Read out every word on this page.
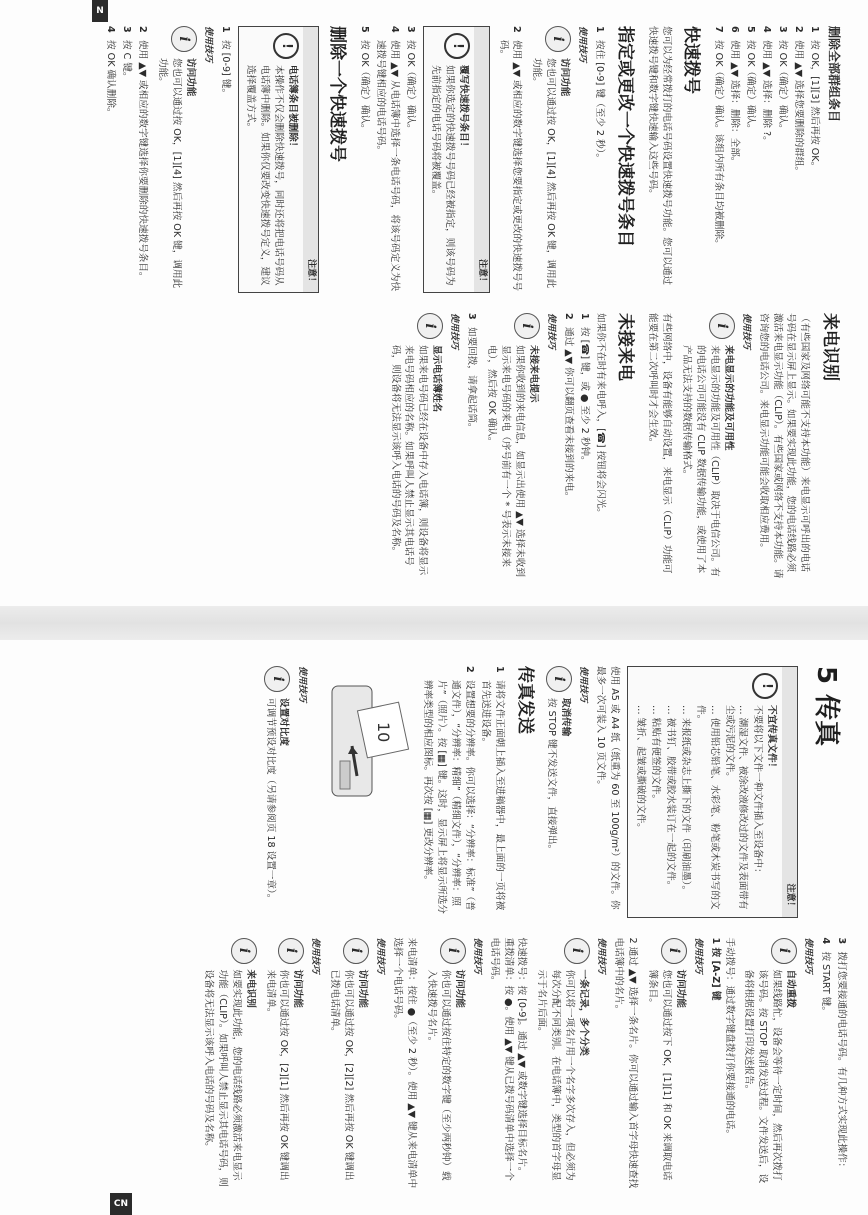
删除全部群组条目
1
按 OK，[1][3] 然后再按 OK。
2
使用 ▲▼ 选择您要删除的群组。
3
按 OK（确定）确认。
4
使用 ▲▼ 选择：删除 ?。
5
按 OK（确定）确认。
6
使用 ▲▼ 选择：删除：全部。
7
按 OK（确定）确认。该组内所有条目均被删除。
快速拨号
您可以为经常拨打的电话号码设置快速拨号功能。您可以通过快速拨号键和数字键快速输入这些号码。
指定或更改一个快速拨号条目
1
按住 [0-9] 键（至少 2 秒）。
使用技巧
i
访问功能
您也可以通过按 OK，[1][4] 然后再按 OK 键，调用此功能。
2
使用 ▲▼ 或相应的数字键选择您要指定或更改的快速拨号号码。
注意！
!
覆写快速拨号条目！
如果你选定的快速拨号号码已经被指定，则该号码为先前指定的电话号码将被覆盖。
3
按 OK（确定）确认。
4
使用 ▲▼ 从电话簿中选择一条电话号码，将该号码定义为快速拨号键相应的电话号码。
5
按 OK（确定）确认。
删除一个快速拨号
注意！
!
电话簿条目被删除！
本操作不仅会删除快速拨号，同时还将把电话号码从电话簿中删除。如果你仅要改变快速拨号定义，建议选择覆盖方式。
1
按 [0-9] 键。
使用技巧
i
访问功能
您也可以通过按 OK，[1][4] 然后再按 OK 键，调用此功能。
2
使用 ▲▼ 或相应的数字键选择你要删除的快速拨号条目。
3
按 C 键。
4
按 OK 确认删除。
来电识别
（有些国家及网络可能不支持本功能）来电显示可呼出的电话号码在显示屏上显示。如果要实现此功能，您的电话线路必须激活来电显示功能（CLIP）。有些国家或网络不支持本功能。请咨询您的电话公司。来电显示功能可能会收取相应费用。
使用技巧
i
来电显示的功能及可用性
来电显示的功能及可用性（CLIP）取决于电信公司。有的电话公司可能没有 CLIP 数据传输功能，或使用了本产品无法支持的数据传输格式。
有些网络中，设备有能够自动设置，来电显示（CLIP）功能可能要在第二次呼叫时才会生效。
未接来电
如果你不在时有来电呼入，[☎] 按钮将会闪光。
1
按 [☎] 键，或 ● 至少 2 秒钟。
2
通过 ▲▼ 你可以翻页查看未接到的来电。
使用技巧
i
未接来电提示
如果你收到的来电信息，如显示出使用 ▲▼ 选择未收到显示来电号码的来电（序号前有一个 * 号表示未接来电），然后按 OK 确认。
3
如要回拨，请拿起话筒。
使用技巧
i
显示电话簿姓名
如果来电号码已经在设备中存入电话簿，则设备将显示来电号码相应的名称。如果呼叫人禁止显示其电话号码，则设备将无法显示该呼入电话的号码及名称。
N
5传真
注意！
!
不宜传真文件！
不要将以下文件一种文件插入至设备中：

… 潮湿文件、被涂改液修改过的文件及表面带有尘或污泥的文件。

… 使用铅芯铅笔、水彩笔、粉笔或木炭书写的文件。

… 来报纸或杂志上撕下的文件（印刷油墨）。

… 被书钉、胶带或胶水装订在一起的文件。

… 粘贴有便签的文件。

… 皱折、起皱或撕破的文件。

使用 A5 或 A4 纸（纸重为 60 至 100g/m²）的文件。你最多一次可装入 10 页文件。
使用技巧
i
取消传输
按 STOP 键不发送文件，直接弹出。
传真发送
1
请将文件正面朝上插入至进稿器中，最上面的一页将被首先送进设备。
2
设置想要的分辨率。你可以选择：“分辨率：标准”（普通文件），“分辨率：精细”（精细文件），“分辨率：照片”（照片）。按 [▦] 键。这时，显示屏上将显示所选分辨率类型的相应图标。再次按 [▦] 更改分辨率。
10
使用技巧
i
设置对比度
可调节预设对比度（另请参阅页 18 设置一章）。
3
拨打您要接通的电话号码。有几种方式实现此操作：
4
按 START 键。
使用技巧
i
自动重拨
如果线路忙，设备会等待一定时间，然后再次拨打该号码。按 STOP 取消发送过程。文件发送后，设备将根据设置打印发送报告。
手动拨号：通过数字键盘拨打你要接通的电话。
1 按 [A-Z] 键
使用技巧
i
访问功能
您也可以通过按下 OK，[1][1] 和 OK 来调取电话簿条目。
2 通过 ▲▼ 选择一条名片。你可以通过输入首字母快速查找电话簿中的名片。
使用技巧
i
一条记录，多个分类
你可以将一项名片用一个名字多次存入，但必须为每次分配不同类别。在电话簿中，类型的首字母显示于名片后面。
快速拨号：按 [0-9]。通过 ▲▼ 或数字键选择目标名片。
重拨清单：按 ●。使用 ▲▼ 键从已拨号码清单中选择一个电话号码。
使用技巧
i
访问功能
你也可以通过按住特定的数字键（至少两秒钟）载入快速拨号名片。
来电清单：按住 ●（至少 2 秒）。使用 ▲▼ 键从来电清单中选择一个电话号码。
使用技巧
i
访问功能
你也可以通过按 OK，[2][2] 然后再按 OK 键调出已拨电话清单。
使用技巧
i
访问功能
你也可以通过按 OK，[2][1] 然后再按 OK 键调出来电清单。
i
来电识别
如要实现此功能，您的电话线路必须激活来电显示功能（CLIP）。如果呼叫人禁止显示其电话号码，则设备将无法显示该呼入电话的号码及名称。
CN
